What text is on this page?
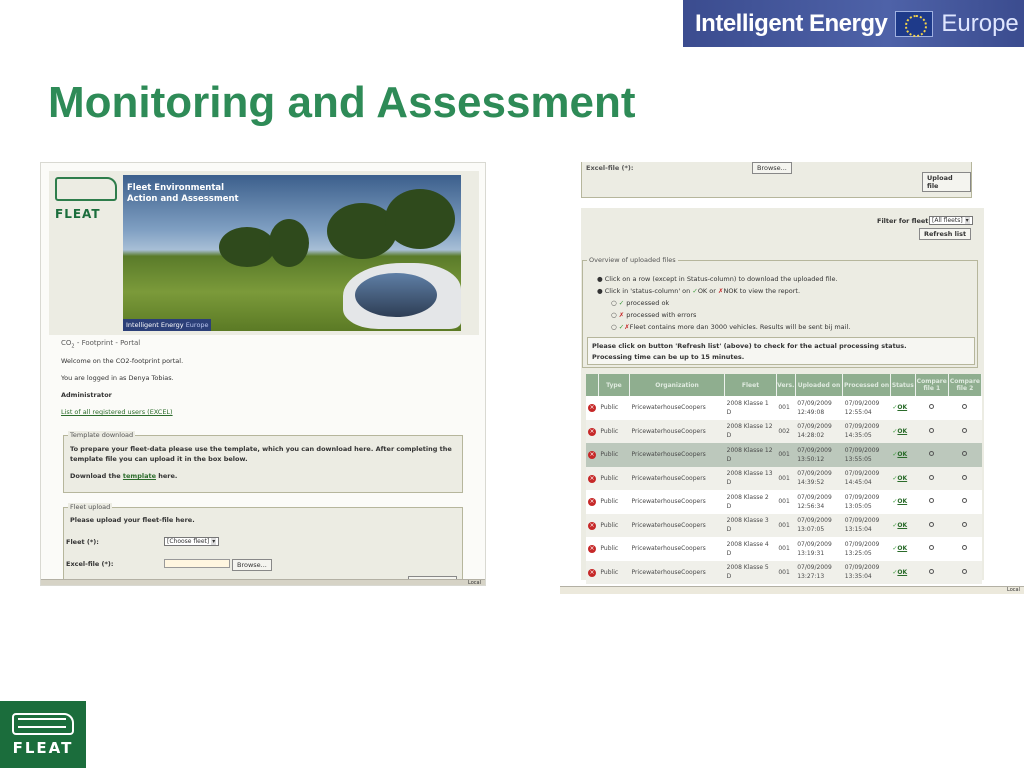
Intelligent Energy Europe
Monitoring and Assessment
FLEAT
Fleet Environmental
Action and Assessment
Intelligent Energy Europe
$CO_2$ - Footprint - Portal
Welcome on the CO2-footprint portal.
You are logged in as Denya Tobias.
Administrator
List of all registered users (EXCEL)
Template download
To prepare your fleet-data please use the template, which you can download here. After completing the template file you can upload it in the box below.
Download the template here.
Fleet upload
Please upload your fleet-file here.
Fleet (*):	[Choose fleet] ▾
Excel-file (*):	Browse...
Local
Excel-file (*):	Browse...
Upload file
Filter for fleet [All fleets] ▾
Refresh list
Overview of uploaded files
● Click on a row (except in Status-column) to download the uploaded file.
● Click in 'status-column' on ✓OK or ✗NOK to view the report.
○ ✓ processed ok
○ ✗ processed with errors
○ ✓✗Fleet contains more dan 3000 vehicles. Results will be sent bij mail.
Please click on button 'Refresh list' (above) to check for the actual processing status.
Processing time can be up to 15 minutes.
	Type	Organization	Fleet	Vers.	Uploaded on	Processed on	Status	Compare file 1	Compare file 2
×	Public	PricewaterhouseCoopers	2008 Klasse 1 D	001	07/09/2009 12:49:08	07/09/2009 12:55:04	✓OK		
×	Public	PricewaterhouseCoopers	2008 Klasse 12 D	002	07/09/2009 14:28:02	07/09/2009 14:35:05	✓OK		
×	Public	PricewaterhouseCoopers	2008 Klasse 12 D	001	07/09/2009 13:50:12	07/09/2009 13:55:05	✓OK		
×	Public	PricewaterhouseCoopers	2008 Klasse 13 D	001	07/09/2009 14:39:52	07/09/2009 14:45:04	✓OK		
×	Public	PricewaterhouseCoopers	2008 Klasse 2 D	001	07/09/2009 12:56:34	07/09/2009 13:05:05	✓OK		
×	Public	PricewaterhouseCoopers	2008 Klasse 3 D	001	07/09/2009 13:07:05	07/09/2009 13:15:04	✓OK		
×	Public	PricewaterhouseCoopers	2008 Klasse 4 D	001	07/09/2009 13:19:31	07/09/2009 13:25:05	✓OK		
×	Public	PricewaterhouseCoopers	2008 Klasse 5 D	001	07/09/2009 13:27:13	07/09/2009 13:35:04	✓OK		
Local
FLEAT
